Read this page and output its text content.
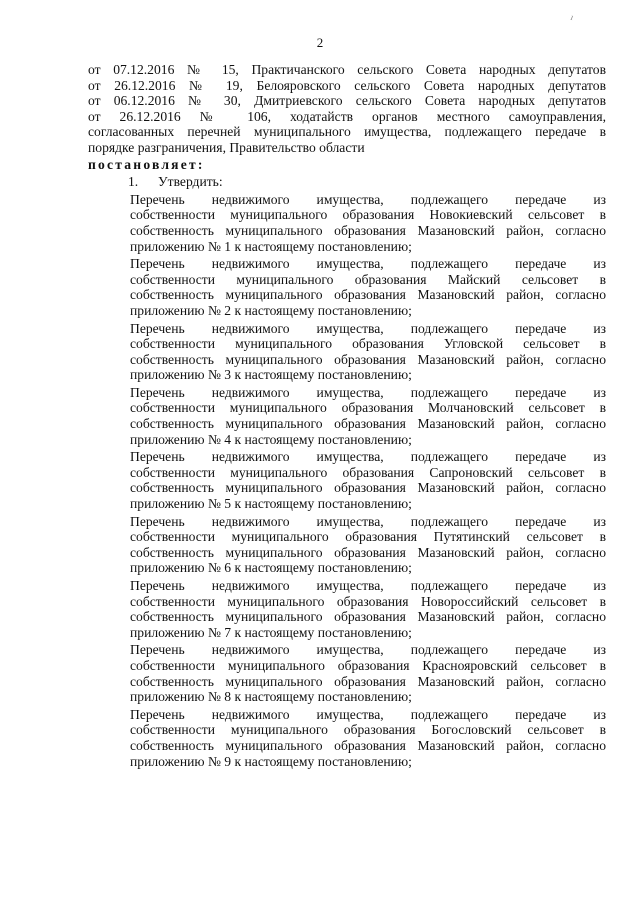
ı
2

от 07.12.2016 № 15, Практичанского сельского Совета народных депутатов
от 26.12.2016 № 19, Белояровского сельского Совета народных депутатов
от 06.12.2016 № 30, Дмитриевского сельского Совета народных депутатов
от 26.12.2016 № 106, ходатайств органов местного самоуправления,
согласованных перечней муниципального имущества, подлежащего передаче в
порядке разграничения, Правительство области

постановляет:

1. Утвердить:

Перечень недвижимого имущества, подлежащего передаче из
собственности муниципального образования Новокиевский сельсовет в
собственность муниципального образования Мазановский район, согласно
приложению № 1 к настоящему постановлению;

Перечень недвижимого имущества, подлежащего передаче из
собственности муниципального образования Майский сельсовет в
собственность муниципального образования Мазановский район, согласно
приложению № 2 к настоящему постановлению;

Перечень недвижимого имущества, подлежащего передаче из
собственности муниципального образования Угловской сельсовет в
собственность муниципального образования Мазановский район, согласно
приложению № 3 к настоящему постановлению;

Перечень недвижимого имущества, подлежащего передаче из
собственности муниципального образования Молчановский сельсовет в
собственность муниципального образования Мазановский район, согласно
приложению № 4 к настоящему постановлению;

Перечень недвижимого имущества, подлежащего передаче из
собственности муниципального образования Сапроновский сельсовет в
собственность муниципального образования Мазановский район, согласно
приложению № 5 к настоящему постановлению;

Перечень недвижимого имущества, подлежащего передаче из
собственности муниципального образования Путятинский сельсовет в
собственность муниципального образования Мазановский район, согласно
приложению № 6 к настоящему постановлению;

Перечень недвижимого имущества, подлежащего передаче из
собственности муниципального образования Новороссийский сельсовет в
собственность муниципального образования Мазановский район, согласно
приложению № 7 к настоящему постановлению;

Перечень недвижимого имущества, подлежащего передаче из
собственности муниципального образования Краснояровский сельсовет в
собственность муниципального образования Мазановский район, согласно
приложению № 8 к настоящему постановлению;

Перечень недвижимого имущества, подлежащего передаче из
собственности муниципального образования Богословский сельсовет в
собственность муниципального образования Мазановский район, согласно
приложению № 9 к настоящему постановлению;
